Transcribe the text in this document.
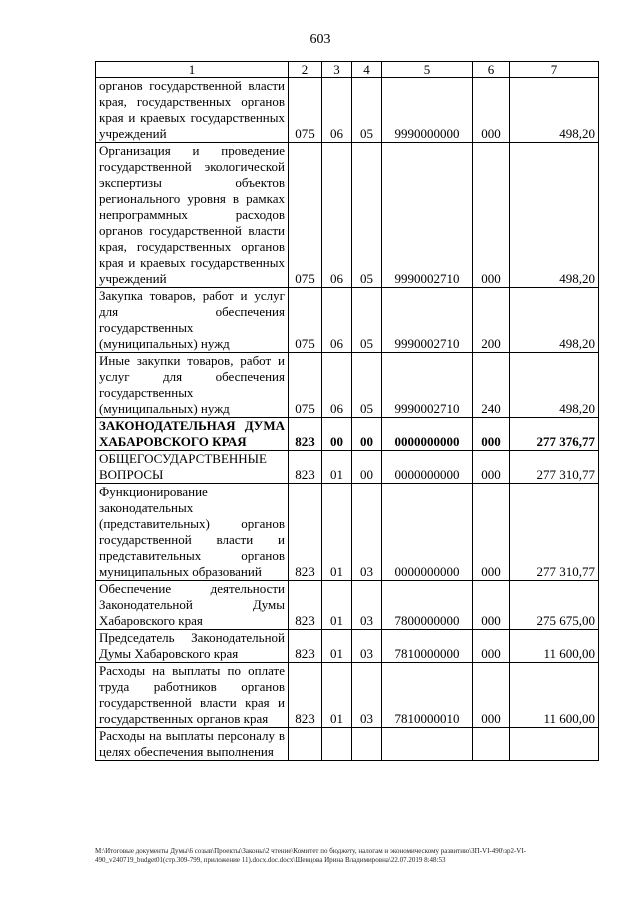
603
1	2	3	4	5	6	7
органов государственной власти края, государственных органов края и краевых государственных учреждений	075	06	05	9990000000	000	498,20
Организация и проведение государственной экологической экспертизы объектов регионального уровня в рамках непрограммных расходов органов государственной власти края, государственных органов края и краевых государственных учреждений	075	06	05	9990002710	000	498,20
Закупка товаров, работ и услуг для обеспечения государственных (муниципальных) нужд	075	06	05	9990002710	200	498,20
Иные закупки товаров, работ и услуг для обеспечения государственных (муниципальных) нужд	075	06	05	9990002710	240	498,20
ЗАКОНОДАТЕЛЬНАЯ ДУМА ХАБАРОВСКОГО КРАЯ	823	00	00	0000000000	000	277 376,77
ОБЩЕГОСУДАРСТВЕННЫЕ ВОПРОСЫ	823	01	00	0000000000	000	277 310,77
Функционирование законодательных (представительных) органов государственной власти и представительных органов муниципальных образований	823	01	03	0000000000	000	277 310,77
Обеспечение деятельности Законодательной Думы Хабаровского края	823	01	03	7800000000	000	275 675,00
Председатель Законодательной Думы Хабаровского края	823	01	03	7810000000	000	11 600,00
Расходы на выплаты по оплате труда работников органов государственной власти края и государственных органов края	823	01	03	7810000010	000	11 600,00
Расходы на выплаты персоналу в целях обеспечения выполнения						
M:\Итоговые документы Думы\6 созыв\Проекты\Законы\2 чтение\Комитет по бюджету, налогам и экономическому развитию\ЗП-VI-490\зр2-VI-490_v240719_budget01(стр.309-799, приложение 11).docx.doc.docx\Шевцова Ирина Владимировна\22.07.2019 8:48:53
